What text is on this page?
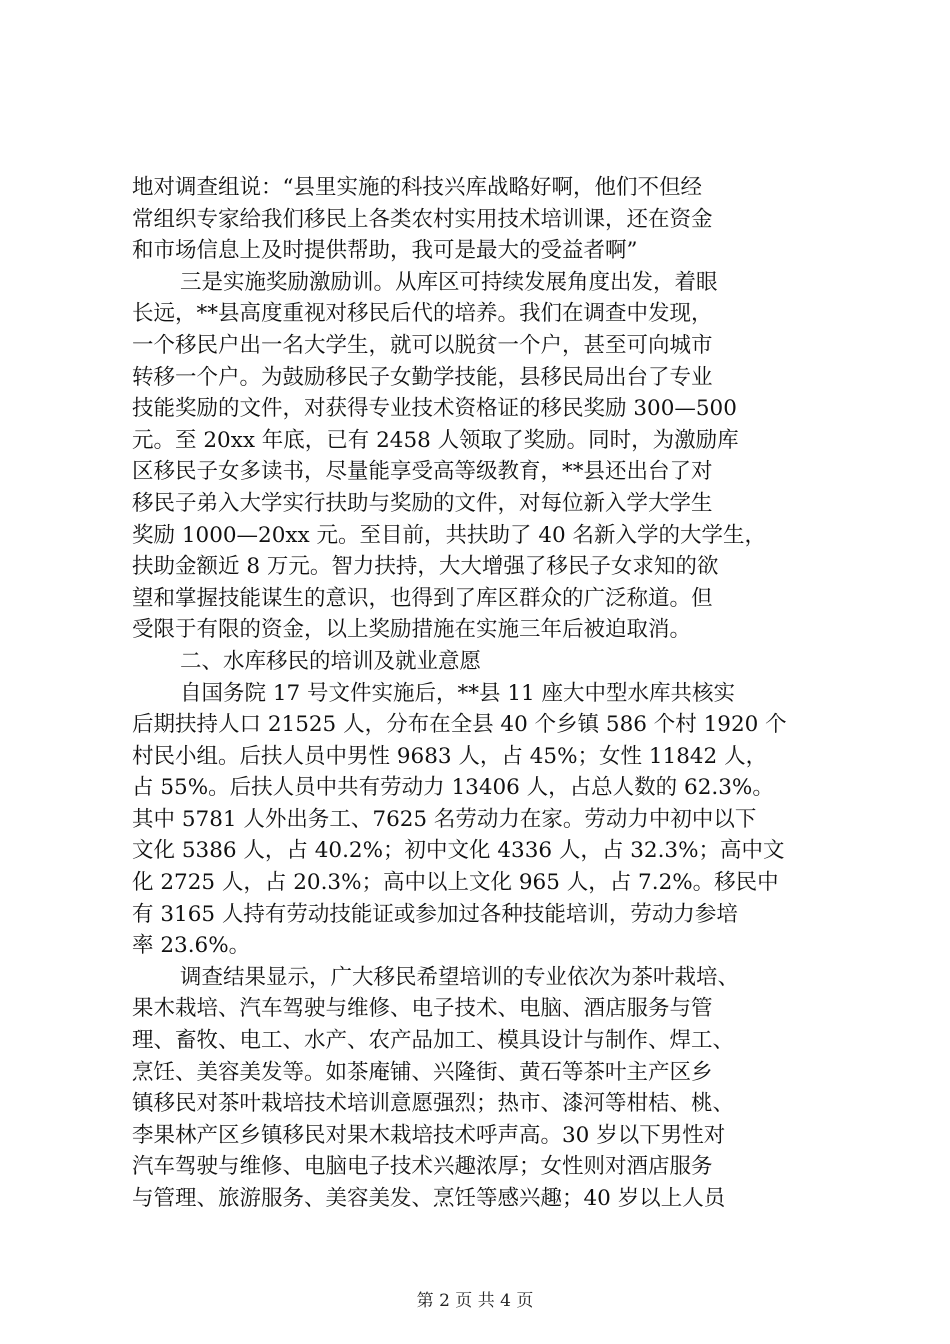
地对调查组说：“县里实施的科技兴库战略好啊，他们不但经
常组织专家给我们移民上各类农村实用技术培训课，还在资金
和市场信息上及时提供帮助，我可是最大的受益者啊”
三是实施奖励激励训。从库区可持续发展角度出发，着眼
长远，**县高度重视对移民后代的培养。我们在调查中发现，
一个移民户出一名大学生，就可以脱贫一个户，甚至可向城市
转移一个户。为鼓励移民子女勤学技能，县移民局出台了专业
技能奖励的文件，对获得专业技术资格证的移民奖励 300—500
元。至 20xx 年底，已有 2458 人领取了奖励。同时，为激励库
区移民子女多读书，尽量能享受高等级教育，**县还出台了对
移民子弟入大学实行扶助与奖励的文件，对每位新入学大学生
奖励 1000—20xx 元。至目前，共扶助了 40 名新入学的大学生，
扶助金额近 8 万元。智力扶持，大大增强了移民子女求知的欲
望和掌握技能谋生的意识，也得到了库区群众的广泛称道。但
受限于有限的资金，以上奖励措施在实施三年后被迫取消。
二、水库移民的培训及就业意愿
自国务院 17 号文件实施后，**县 11 座大中型水库共核实
后期扶持人口 21525 人，分布在全县 40 个乡镇 586 个村 1920 个
村民小组。后扶人员中男性 9683 人，占 45%；女性 11842 人，
占 55%。后扶人员中共有劳动力 13406 人，占总人数的 62.3%。
其中 5781 人外出务工、7625 名劳动力在家。劳动力中初中以下
文化 5386 人，占 40.2%；初中文化 4336 人，占 32.3%；高中文
化 2725 人，占 20.3%；高中以上文化 965 人，占 7.2%。移民中
有 3165 人持有劳动技能证或参加过各种技能培训，劳动力参培
率 23.6%。
调查结果显示，广大移民希望培训的专业依次为茶叶栽培、
果木栽培、汽车驾驶与维修、电子技术、电脑、酒店服务与管
理、畜牧、电工、水产、农产品加工、模具设计与制作、焊工、
烹饪、美容美发等。如茶庵铺、兴隆街、黄石等茶叶主产区乡
镇移民对茶叶栽培技术培训意愿强烈；热市、漆河等柑桔、桃、
李果林产区乡镇移民对果木栽培技术呼声高。30 岁以下男性对
汽车驾驶与维修、电脑电子技术兴趣浓厚；女性则对酒店服务
与管理、旅游服务、美容美发、烹饪等感兴趣；40 岁以上人员
第 2 页 共 4 页
